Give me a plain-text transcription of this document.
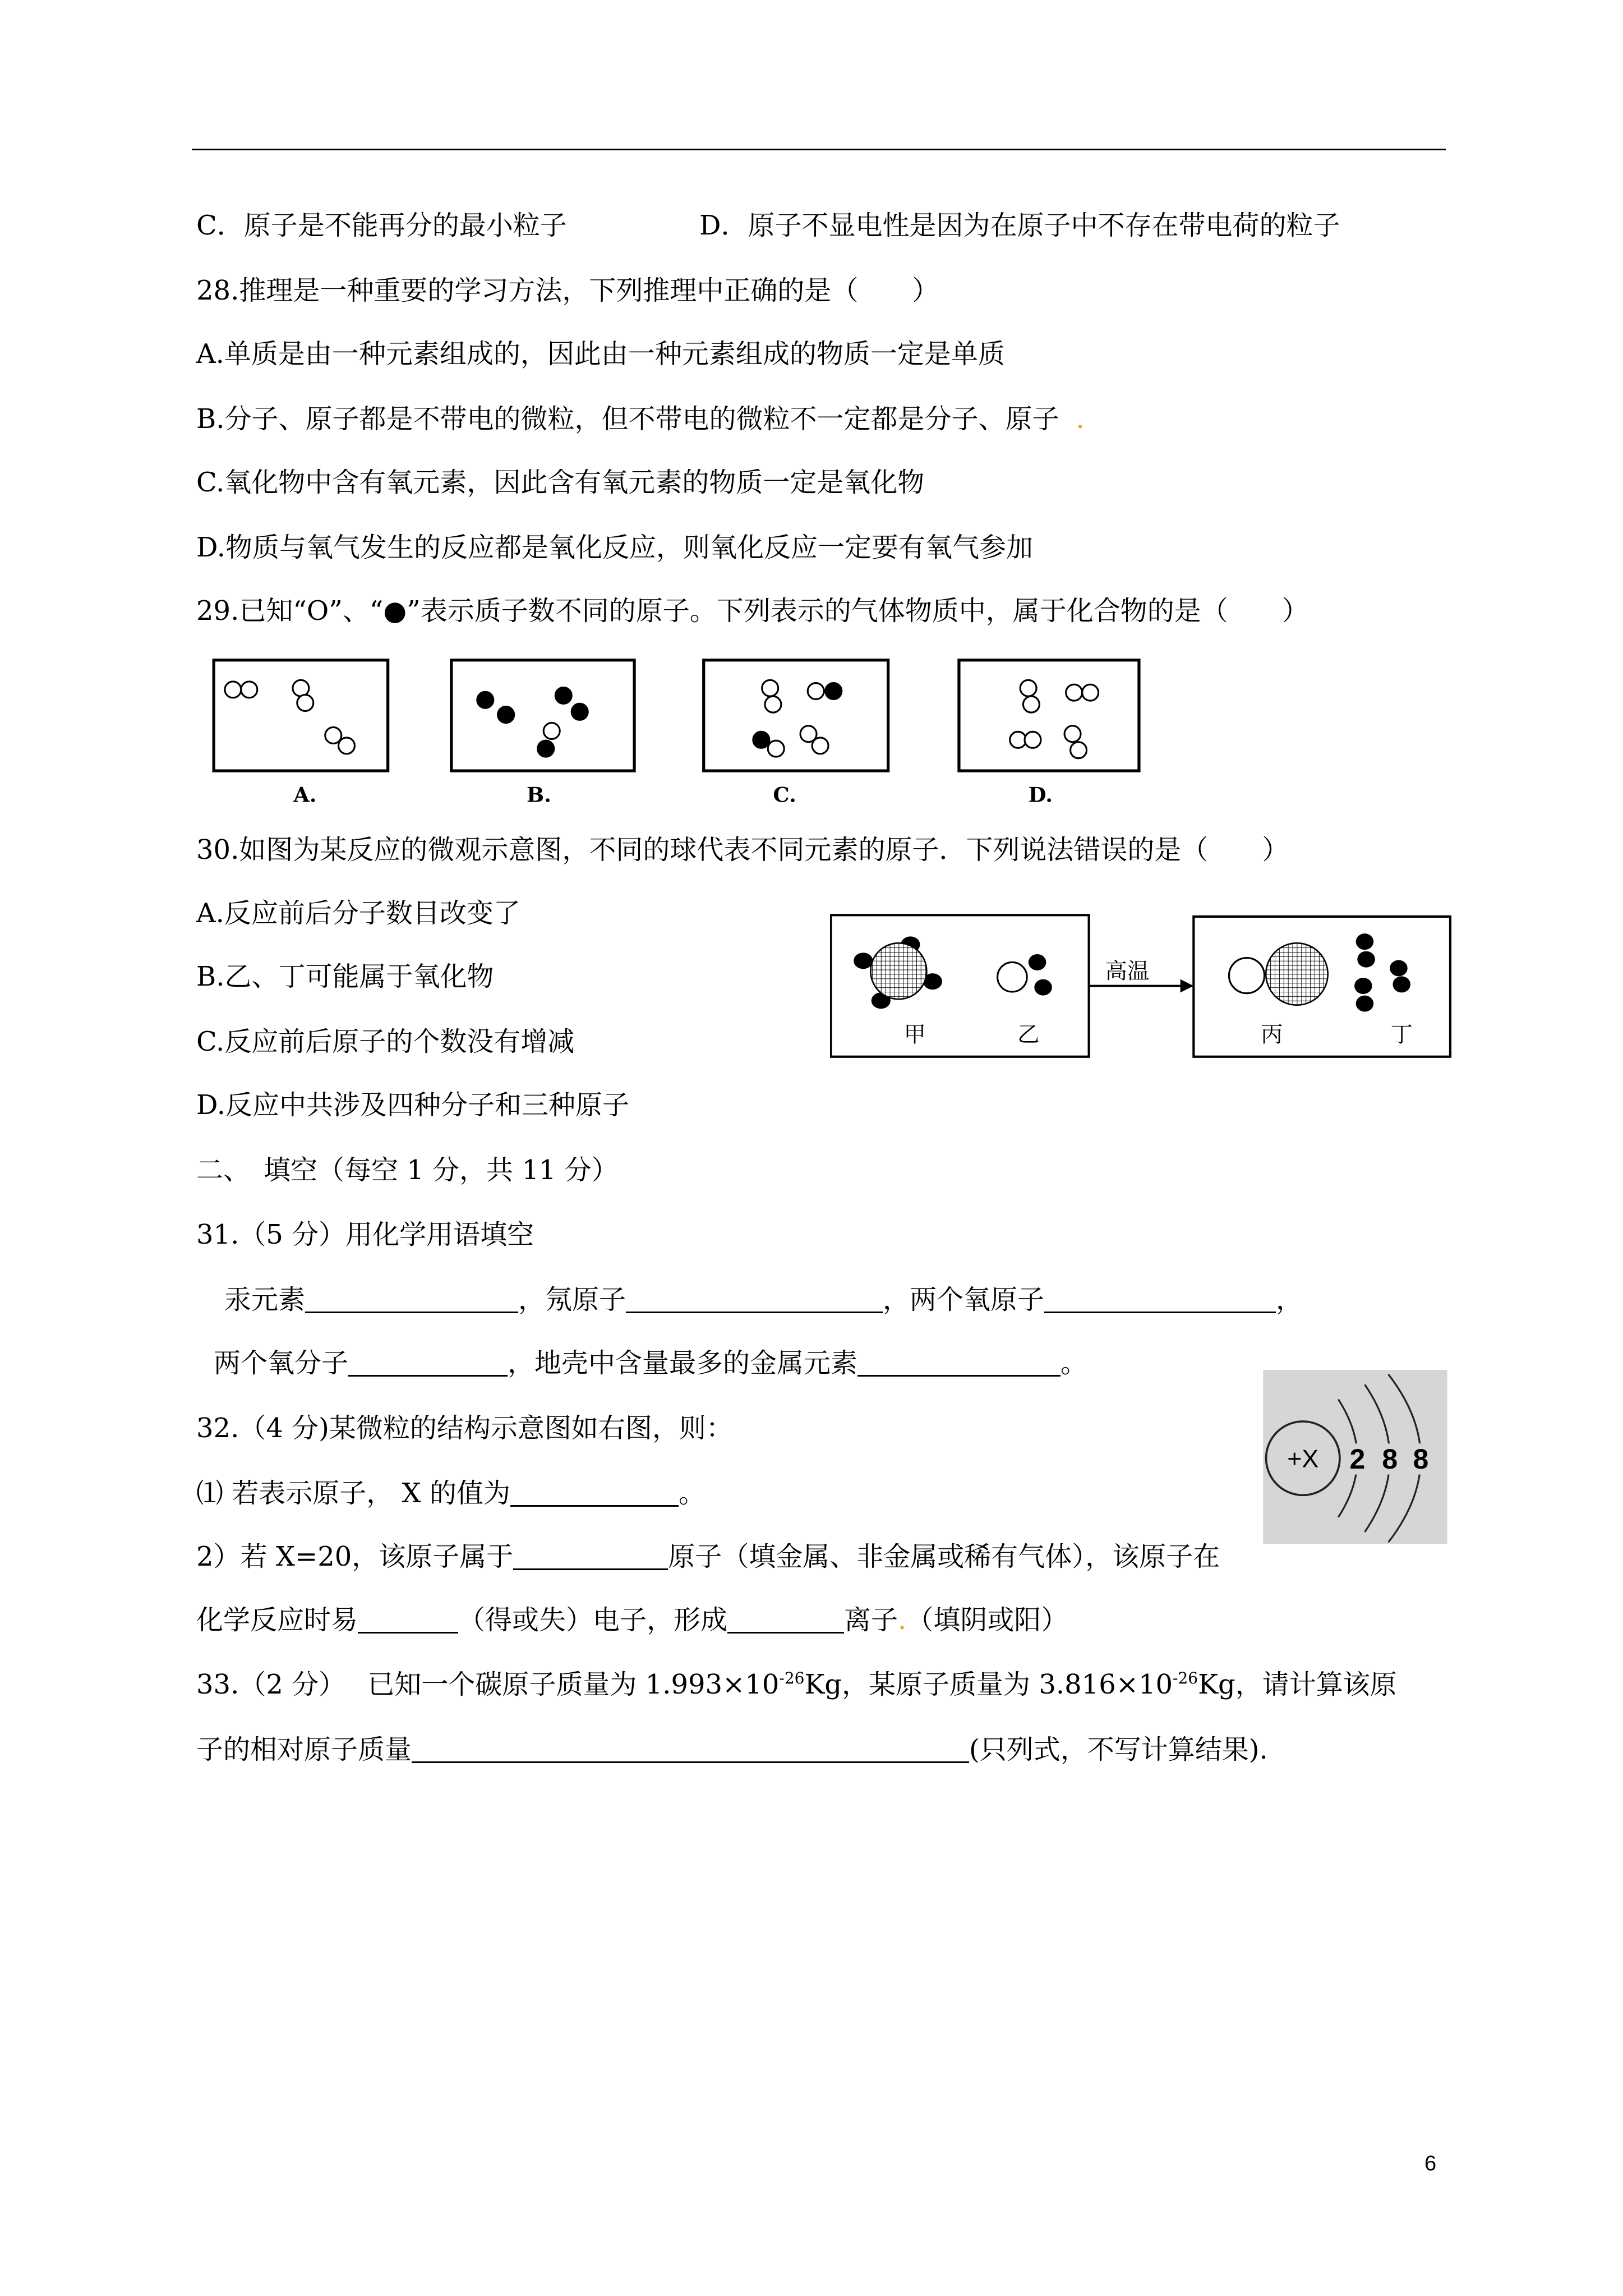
C．原子是不能再分的最小粒子	D．原子不显电性是因为在原子中不存在带电荷的粒子
28.推理是一种重要的学习方法，下列推理中正确的是（　　）
A.单质是由一种元素组成的，因此由一种元素组成的物质一定是单质
B.分子、原子都是不带电的微粒，但不带电的微粒不一定都是分子、原子 .
C.氧化物中含有氧元素，因此含有氧元素的物质一定是氧化物
D.物质与氧气发生的反应都是氧化反应，则氧化反应一定要有氧气参加
29.已知“O”、“●”表示质子数不同的原子。下列表示的气体物质中，属于化合物的是（　　）
A.	B.	C.	D.
30.如图为某反应的微观示意图，不同的球代表不同元素的原子．下列说法错误的是（　　）
A.反应前后分子数目改变了
B.乙、丁可能属于氧化物
C.反应前后原子的个数没有增减
D.反应中共涉及四种分子和三种原子
甲	乙
高温
丙	丁
二、　填空（每空 1 分，共 11 分）
31.（5 分）用化学用语填空
汞元素	，氖原子	，两个氧原子	，
两个氧分子	，地壳中含量最多的金属元素	。
32.（4 分)某微粒的结构示意图如右图，则：
⑴ 若表示原子， X 的值为	。
2）若 X=20，该原子属于	原子（填金属、非金属或稀有气体），该原子在
化学反应时易	（得或失）电子，形成	离子.（填阴或阳）
+X	2 8 8
33.（2 分）　 已知一个碳原子质量为 $1.993\times 10^{-26}Kg$，某原子质量为 $3.816\times 10^{-26}Kg$，请计算该原
子的相对原子质量	(只列式，不写计算结果).
6
